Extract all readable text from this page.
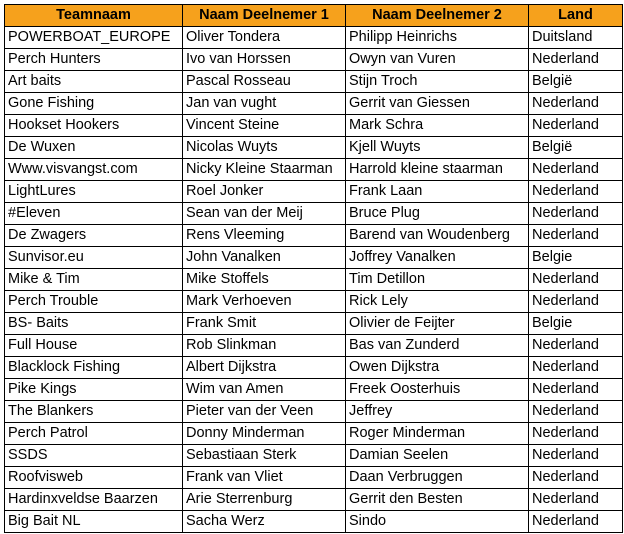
Teamnaam	Naam Deelnemer 1	Naam Deelnemer 2	Land
POWERBOAT_EUROPE	Oliver Tondera	Philipp Heinrichs	Duitsland
Perch Hunters	Ivo van Horssen	Owyn van Vuren	Nederland
Art baits	Pascal Rosseau	Stijn Troch	België
Gone Fishing	Jan van vught	Gerrit van Giessen	Nederland
Hookset Hookers	Vincent Steine	Mark Schra	Nederland
De Wuxen	Nicolas Wuyts	Kjell Wuyts	België
Www.visvangst.com	Nicky Kleine Staarman	Harrold kleine staarman	Nederland
LightLures	Roel Jonker	Frank Laan	Nederland
#Eleven	Sean van der Meij	Bruce Plug	Nederland
De Zwagers	Rens Vleeming	Barend van Woudenberg	Nederland
Sunvisor.eu	John Vanalken	Joffrey Vanalken	Belgie
Mike & Tim	Mike Stoffels	Tim Detillon	Nederland
Perch Trouble	Mark Verhoeven	Rick Lely	Nederland
BS- Baits	Frank Smit	Olivier de Feijter	Belgie
Full House	Rob Slinkman	Bas van Zunderd	Nederland
Blacklock Fishing	Albert Dijkstra	Owen Dijkstra	Nederland
Pike Kings	Wim van Amen	Freek Oosterhuis	Nederland
The Blankers	Pieter van der Veen	Jeffrey	Nederland
Perch Patrol	Donny Minderman	Roger Minderman	Nederland
SSDS	Sebastiaan Sterk	Damian Seelen	Nederland
Roofvisweb	Frank van Vliet	Daan Verbruggen	Nederland
Hardinxveldse Baarzen	Arie Sterrenburg	Gerrit den Besten	Nederland
Big Bait NL	Sacha Werz	Sindo	Nederland
